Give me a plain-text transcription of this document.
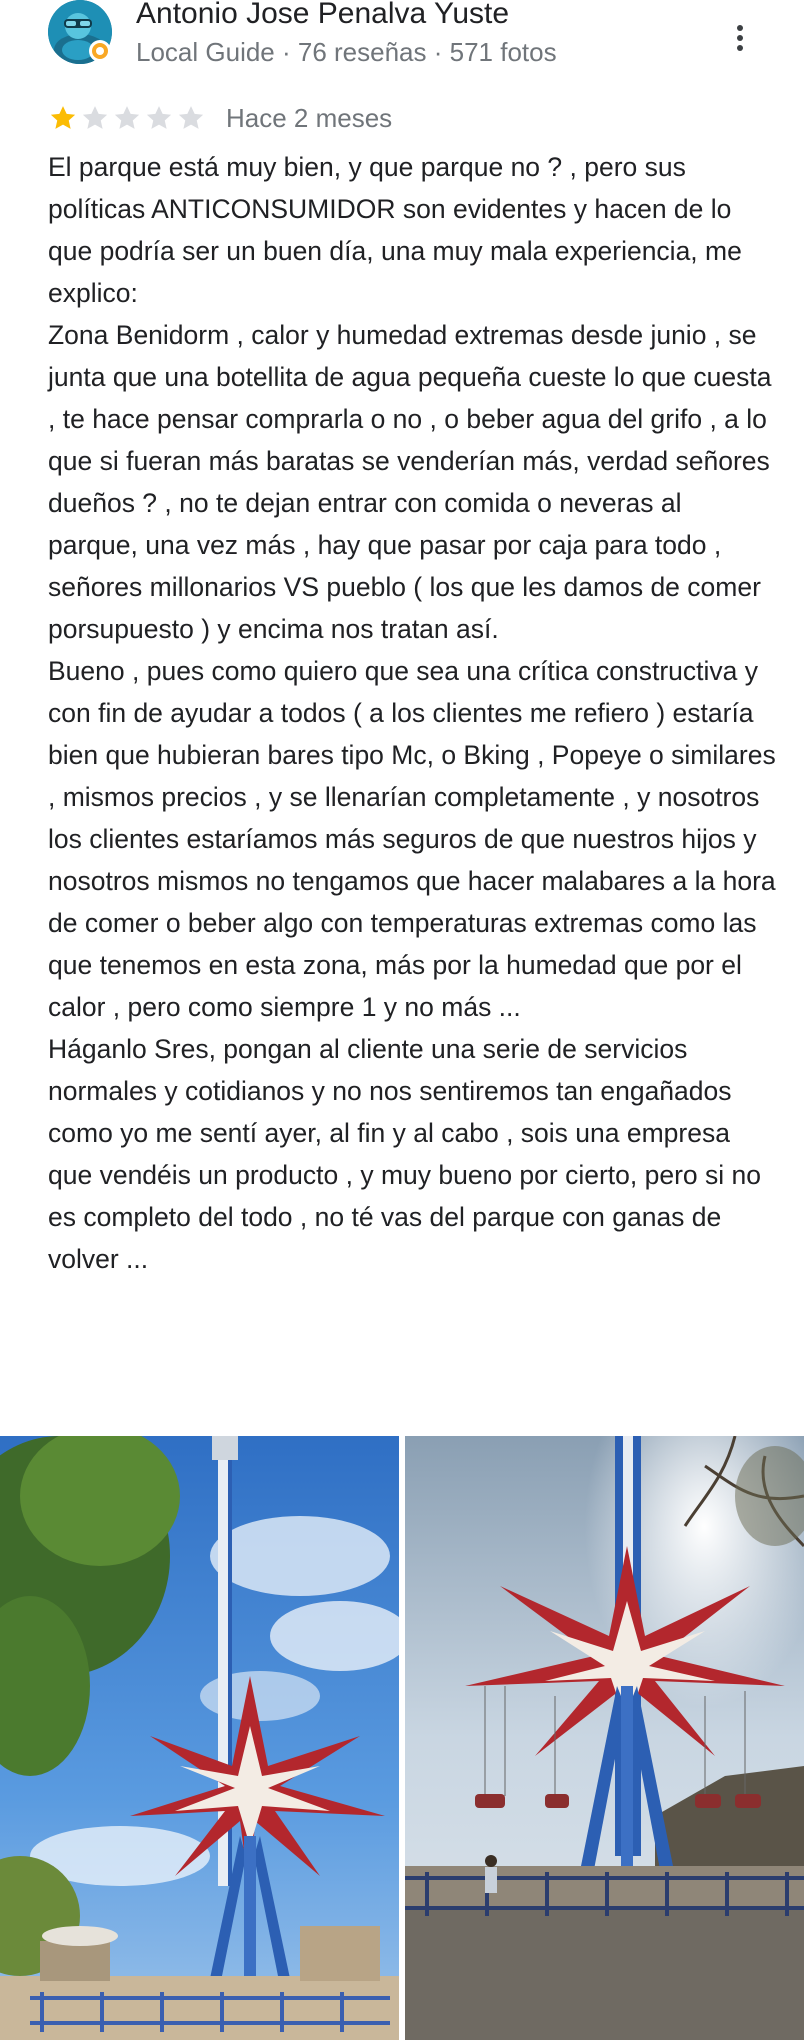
Antonio Jose Penalva Yuste
Local Guide · 76 reseñas · 571 fotos
Hace 2 meses
El parque está muy bien, y que parque no ? , pero sus políticas ANTICONSUMIDOR son evidentes y hacen de lo que podría ser un buen día, una muy mala experiencia, me explico:
Zona Benidorm , calor y humedad extremas desde junio , se junta que una botellita de agua pequeña cueste lo que cuesta , te hace pensar comprarla o no , o beber agua del grifo , a lo que si fueran más baratas se venderían más, verdad señores dueños ? , no te dejan entrar con comida o neveras al parque, una vez más , hay que pasar por caja para todo , señores millonarios VS pueblo ( los que les damos de comer porsupuesto ) y encima nos tratan así.
Bueno , pues como quiero que sea una crítica constructiva y con fin de ayudar a todos ( a los clientes me refiero ) estaría bien que hubieran bares tipo Mc, o Bking , Popeye o similares , mismos precios , y se llenarían completamente , y nosotros los clientes estaríamos más seguros de que nuestros hijos y nosotros mismos no tengamos que hacer malabares a la hora de comer o beber algo con temperaturas extremas como las que tenemos en esta zona, más por la humedad que por el calor , pero como siempre 1 y no más ...
Háganlo Sres, pongan al cliente una serie de servicios normales y cotidianos y no nos sentiremos tan engañados como yo me sentí ayer, al fin y al cabo , sois una empresa que vendéis un producto , y muy bueno por cierto, pero si no es completo del todo , no té vas del parque con ganas de volver ...
